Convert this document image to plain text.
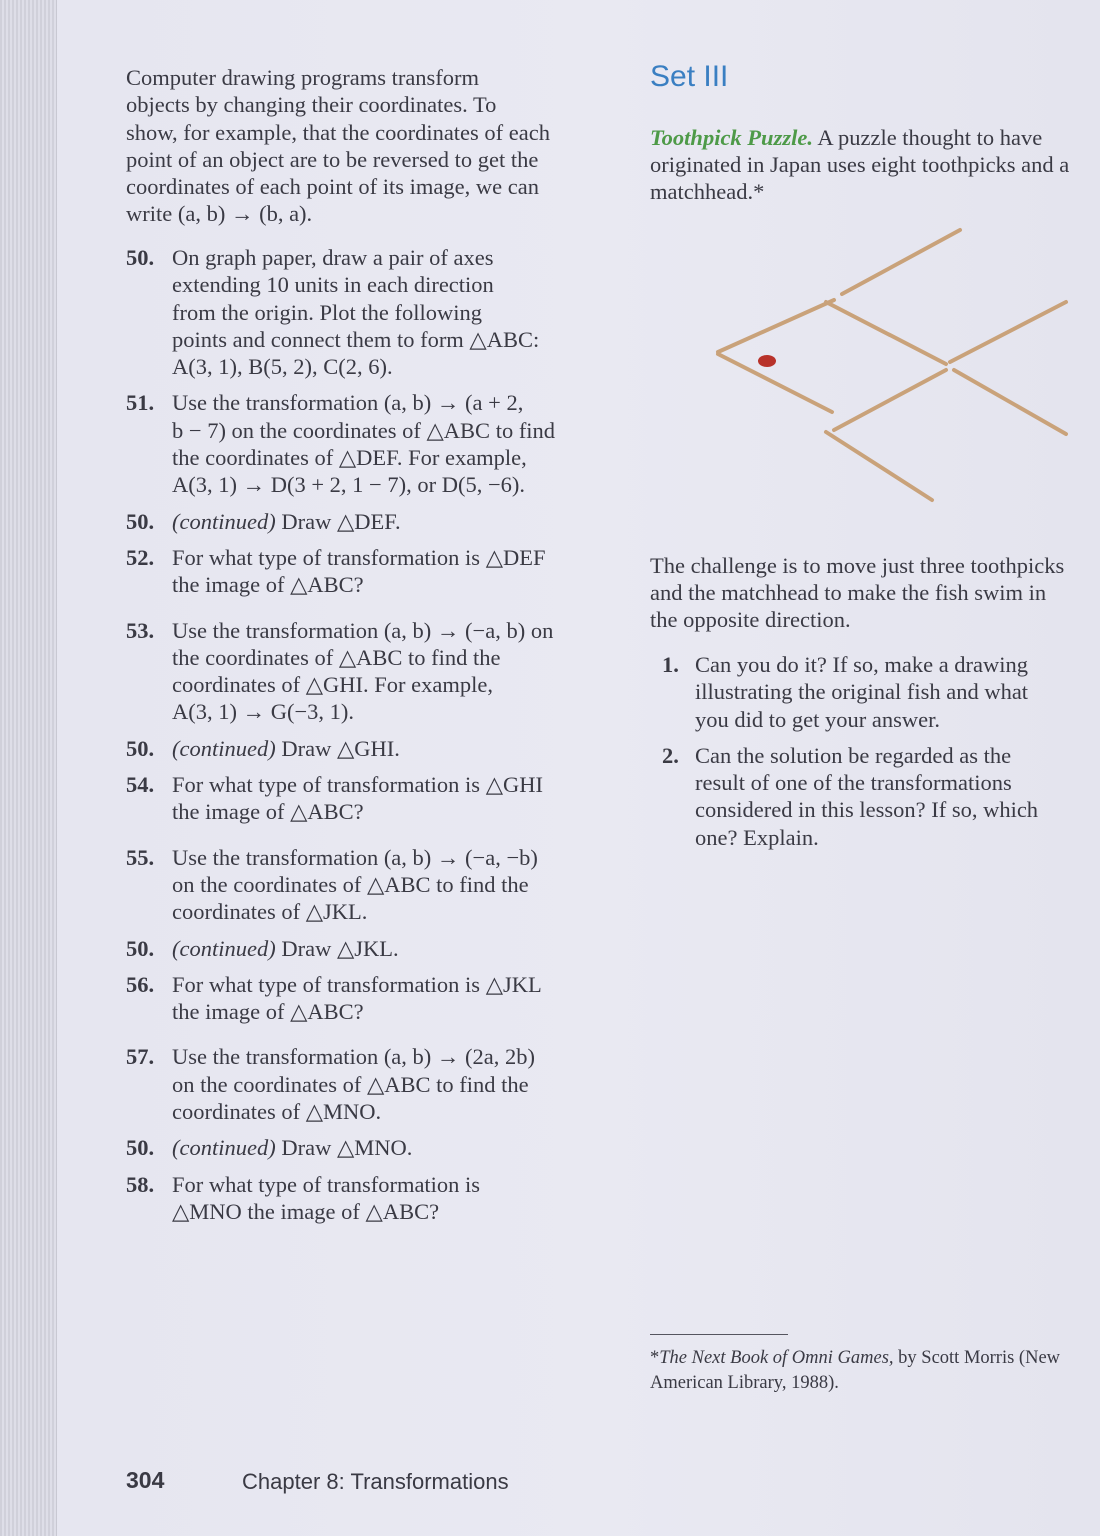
Computer drawing programs transform
objects by changing their coordinates. To
show, for example, that the coordinates of each
point of an object are to be reversed to get the
coordinates of each point of its image, we can
write (a, b) → (b, a).

50. On graph paper, draw a pair of axes
extending 10 units in each direction
from the origin. Plot the following
points and connect them to form △ABC:
A(3, 1), B(5, 2), C(2, 6).
51. Use the transformation (a, b) → (a + 2,
b − 7) on the coordinates of △ABC to find
the coordinates of △DEF. For example,
A(3, 1) → D(3 + 2, 1 − 7), or D(5, −6).
50. (continued) Draw △DEF.
52. For what type of transformation is △DEF
the image of △ABC?
53. Use the transformation (a, b) → (−a, b) on
the coordinates of △ABC to find the
coordinates of △GHI. For example,
A(3, 1) → G(−3, 1).
50. (continued) Draw △GHI.
54. For what type of transformation is △GHI
the image of △ABC?
55. Use the transformation (a, b) → (−a, −b)
on the coordinates of △ABC to find the
coordinates of △JKL.
50. (continued) Draw △JKL.
56. For what type of transformation is △JKL
the image of △ABC?
57. Use the transformation (a, b) → (2a, 2b)
on the coordinates of △ABC to find the
coordinates of △MNO.
50. (continued) Draw △MNO.
58. For what type of transformation is
△MNO the image of △ABC?
Set III

Toothpick Puzzle. A puzzle thought to have
originated in Japan uses eight toothpicks and a
matchhead.*

The challenge is to move just three toothpicks
and the matchhead to make the fish swim in
the opposite direction.

1. Can you do it? If so, make a drawing
illustrating the original fish and what
you did to get your answer.
2. Can the solution be regarded as the
result of one of the transformations
considered in this lesson? If so, which
one? Explain.

*The Next Book of Omni Games, by Scott Morris (New
American Library, 1988).

304	Chapter 8: Transformations
